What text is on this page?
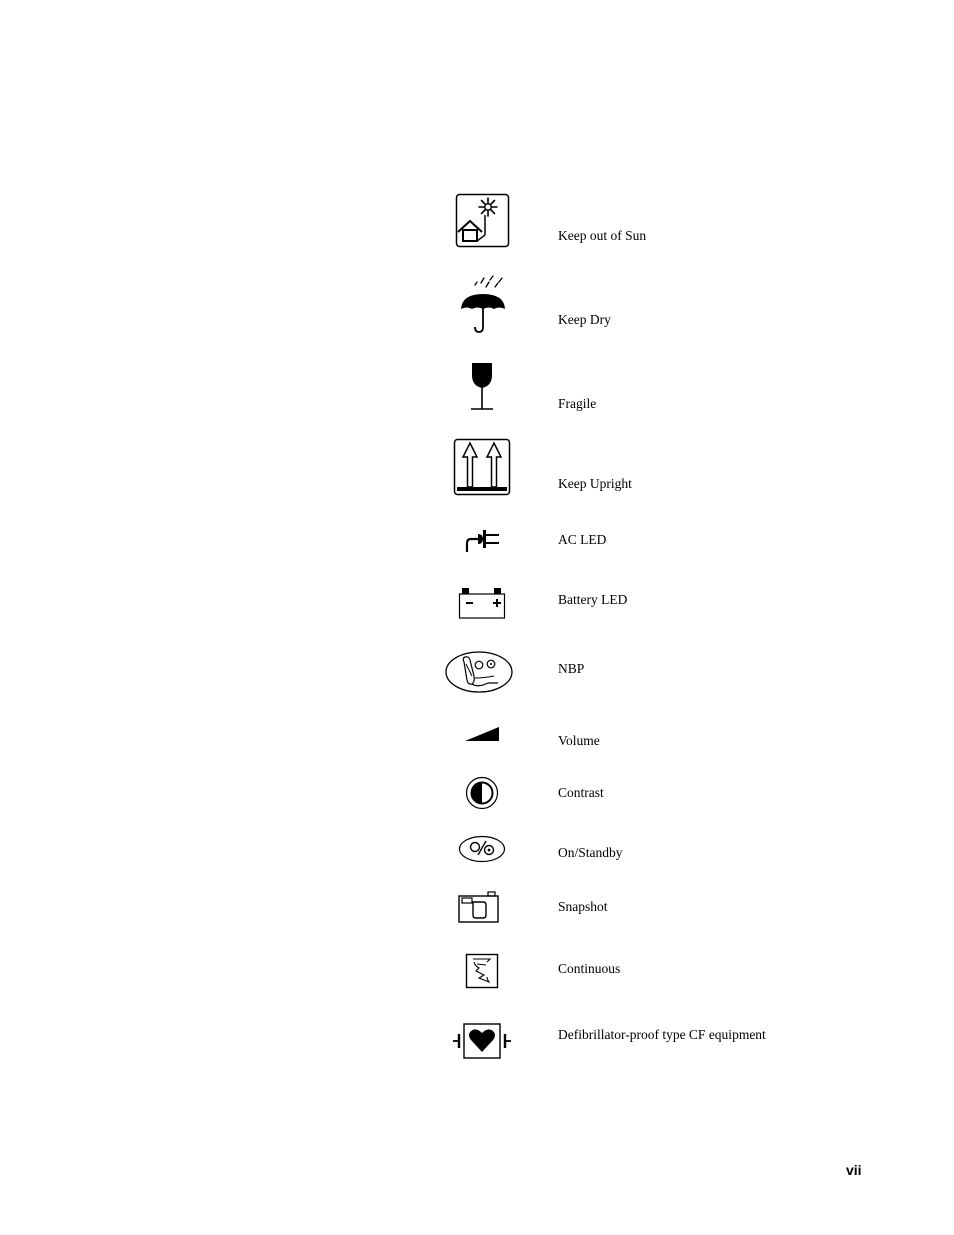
Keep out of Sun
Keep Dry
Fragile
Keep Upright
AC LED
Battery LED
NBP
Volume
Contrast
On/Standby
Snapshot
Continuous
Defibrillator-proof type CF equipment
vii
